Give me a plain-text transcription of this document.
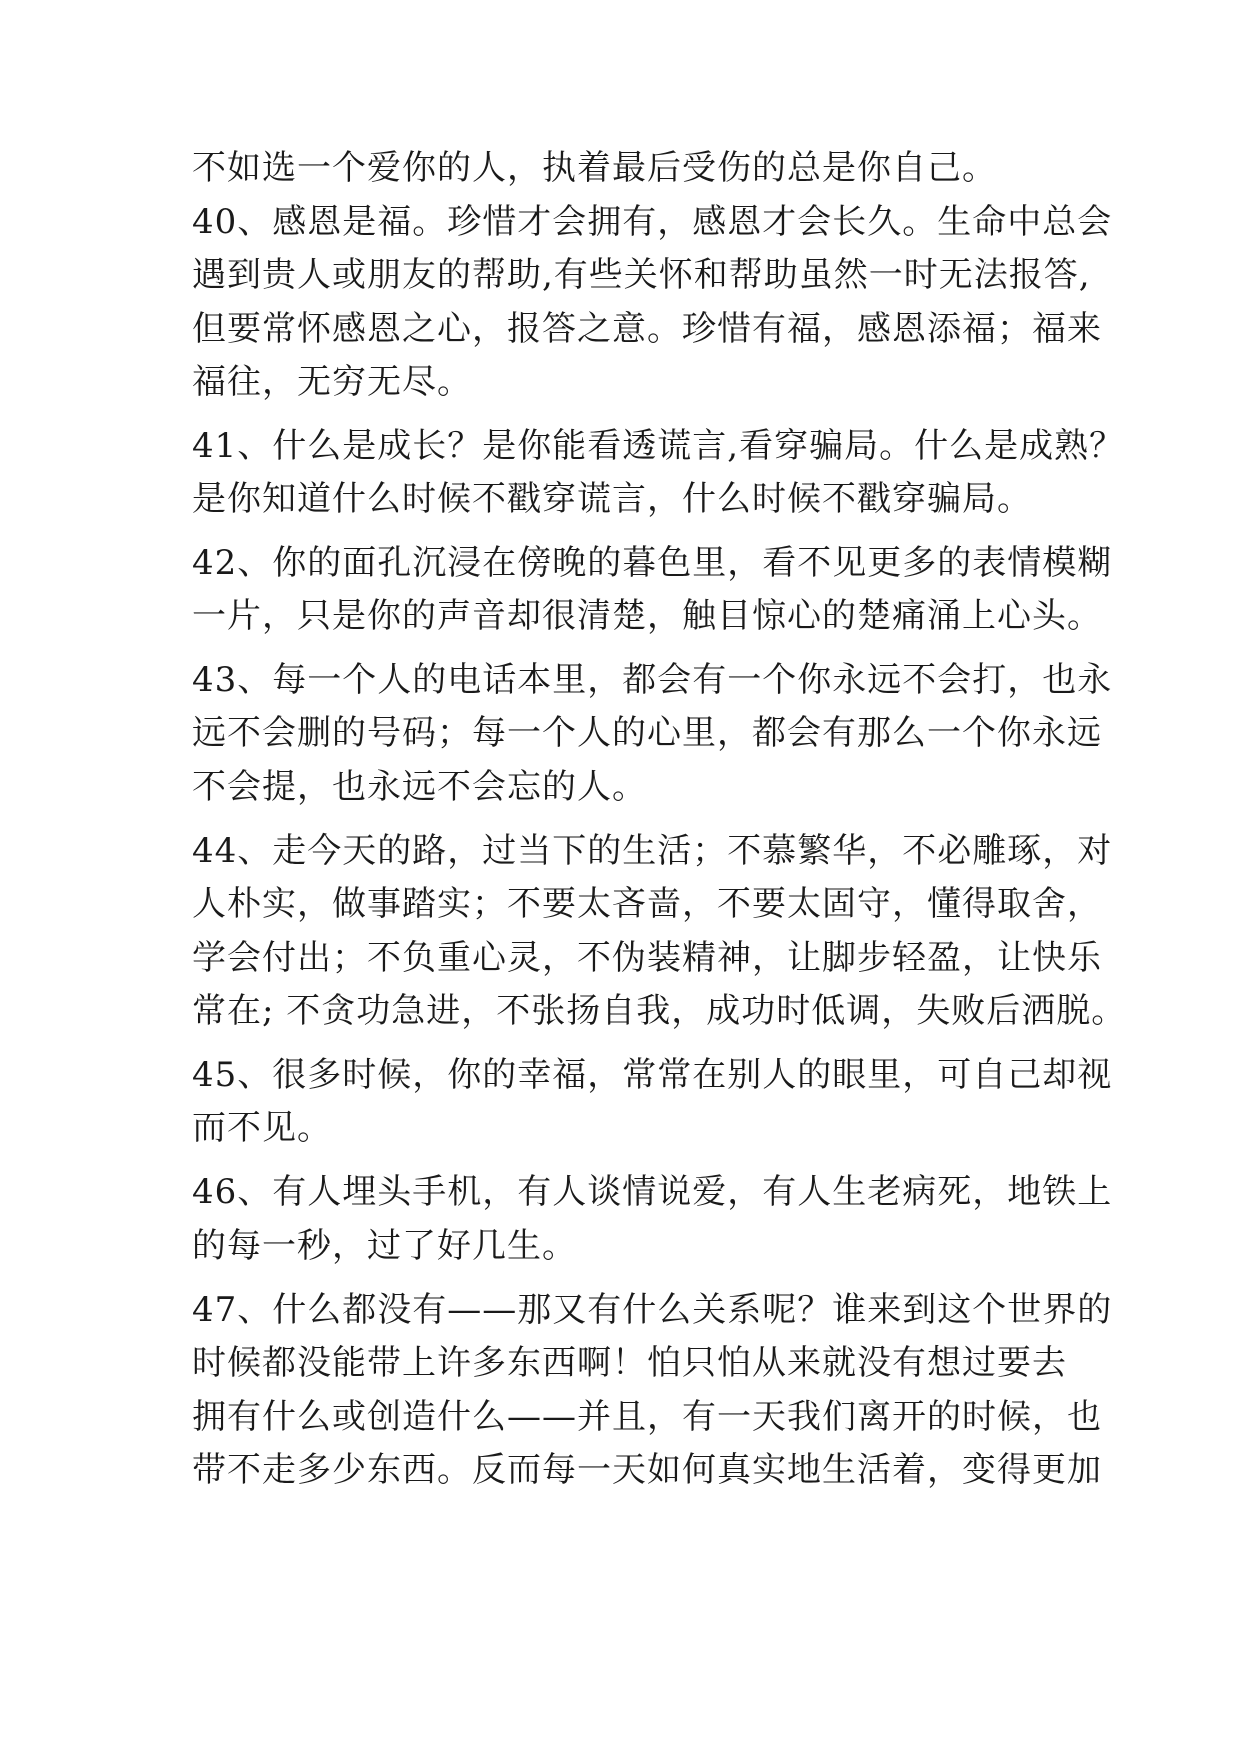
不如选一个爱你的人，执着最后受伤的总是你自己。
40、感恩是福。珍惜才会拥有，感恩才会长久。生命中总会
遇到贵人或朋友的帮助,有些关怀和帮助虽然一时无法报答,
但要常怀感恩之心，报答之意。珍惜有福，感恩添福；福来
福往，无穷无尽。
41、什么是成长？是你能看透谎言,看穿骗局。什么是成熟？
是你知道什么时候不戳穿谎言，什么时候不戳穿骗局。
42、你的面孔沉浸在傍晚的暮色里，看不见更多的表情模糊
一片，只是你的声音却很清楚，触目惊心的楚痛涌上心头。
43、每一个人的电话本里，都会有一个你永远不会打，也永
远不会删的号码；每一个人的心里，都会有那么一个你永远
不会提，也永远不会忘的人。
44、走今天的路，过当下的生活；不慕繁华，不必雕琢，对
人朴实，做事踏实；不要太吝啬，不要太固守，懂得取舍，
学会付出；不负重心灵，不伪装精神，让脚步轻盈，让快乐
常在; 不贪功急进，不张扬自我，成功时低调，失败后洒脱。
45、很多时候，你的幸福，常常在别人的眼里，可自己却视
而不见。
46、有人埋头手机，有人谈情说爱，有人生老病死，地铁上
的每一秒，过了好几生。
47、什么都没有——那又有什么关系呢？谁来到这个世界的
时候都没能带上许多东西啊！怕只怕从来就没有想过要去
拥有什么或创造什么——并且，有一天我们离开的时候，也
带不走多少东西。反而每一天如何真实地生活着，变得更加
